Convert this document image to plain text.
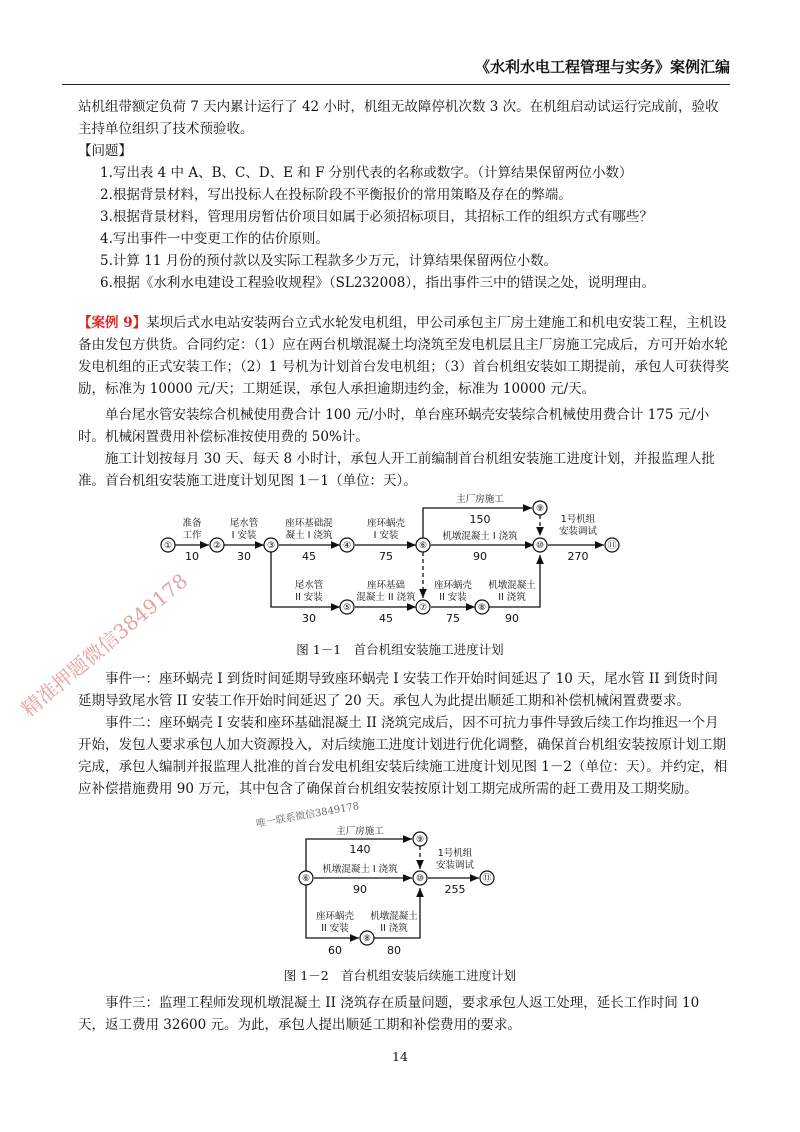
《水利水电工程管理与实务》案例汇编

站机组带额定负荷 7 天内累计运行了 42 小时，机组无故障停机次数 3 次。在机组启动试运行完成前，验收主持单位组织了技术预验收。

【问题】
1.写出表 4 中 A、B、C、D、E 和 F 分别代表的名称或数字。（计算结果保留两位小数）
2.根据背景材料，写出投标人在投标阶段不平衡报价的常用策略及存在的弊端。
3.根据背景材料，管理用房暂估价项目如属于必须招标项目，其招标工作的组织方式有哪些？
4.写出事件一中变更工作的估价原则。
5.计算 11 月份的预付款以及实际工程款多少万元，计算结果保留两位小数。
6.根据《水利水电建设工程验收规程》（SL232008），指出事件三中的错误之处，说明理由。

【案例 9】某坝后式水电站安装两台立式水轮发电机组，甲公司承包主厂房土建施工和机电安装工程，主机设备由发包方供货。合同约定：（1）应在两台机墩混凝土均浇筑至发电机层且主厂房施工完成后，方可开始水轮发电机组的正式安装工作；（2）1 号机为计划首台发电机组；（3）首台机组安装如工期提前，承包人可获得奖励，标准为 10000 元/天；工期延误，承包人承担逾期违约金，标准为 10000 元/天。

单台尾水管安装综合机械使用费合计 100 元/小时，单台座环蜗壳安装综合机械使用费合计 175 元/小时。机械闲置费用补偿标准按使用费的 50%计。

施工计划按每月 30 天、每天 8 小时计，承包人开工前编制首台机组安装施工进度计划，并报监理人批准。首台机组安装施工进度计划见图 1－1（单位：天）。

①	②	③	④	⑥
⑨
⑩	⑪
⑤	⑦	⑧
准备
工作
尾水管
I 安装
座环基础混
凝土 I 浇筑
座环蜗壳
I 安装
主厂房施工
机墩混凝土 I 浇筑
1号机组
安装调试
尾水管
II 安装
座环基础
混凝土 II 浇筑
座环蜗壳
II 安装
机墩混凝土
II 浇筑
10	30	45	75
150
90	270
30	45	75	90
图 1－1　首台机组安装施工进度计划

事件一：座环蜗壳 I 到货时间延期导致座环蜗壳 I 安装工作开始时间延迟了 10 天，尾水管 II 到货时间延期导致尾水管 II 安装工作开始时间延迟了 20 天。承包人为此提出顺延工期和补偿机械闲置费要求。

事件二：座环蜗壳 I 安装和座环基础混凝土 II 浇筑完成后，因不可抗力事件导致后续工作均推迟一个月开始，发包人要求承包人加大资源投入，对后续施工进度计划进行优化调整，确保首台机组安装按原计划工期完成，承包人编制并报监理人批准的首台发电机组安装后续施工进度计划见图 1－2（单位：天）。并约定，相应补偿措施费用 90 万元，其中包含了确保首台机组安装按原计划工期完成所需的赶工费用及工期奖励。

⑥
⑧
⑨
⑩	⑪
主厂房施工
机墩混凝土 I 浇筑
1号机组
安装调试
座环蜗壳
II 安装
机墩混凝土
II 浇筑
140
90	255
60	80
图 1－2　首台机组安装后续施工进度计划

事件三：监理工程师发现机墩混凝土 II 浇筑存在质量问题，要求承包人返工处理，延长工作时间 10 天，返工费用 32600 元。为此，承包人提出顺延工期和补偿费用的要求。

14
精准押题微信3849178
唯一联系微信3849178
